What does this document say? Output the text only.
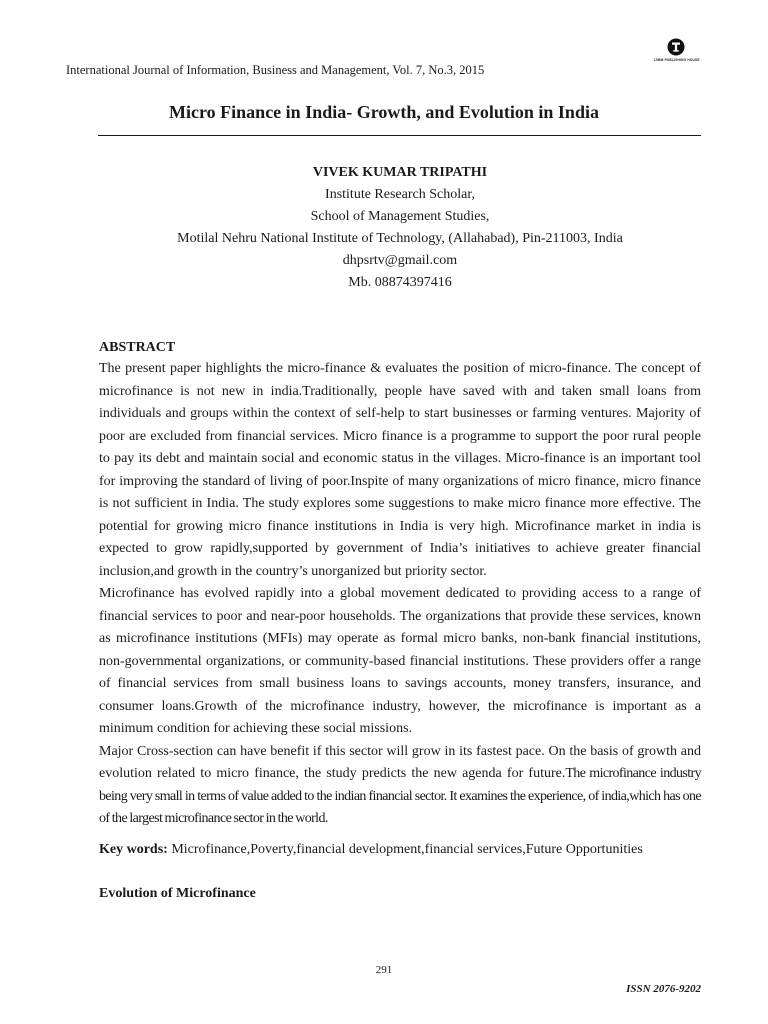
International Journal of Information, Business and Management, Vol. 7, No.3, 2015
IJIBM PUBLISHING HOUSE
Micro Finance in India- Growth, and Evolution in India
VIVEK KUMAR TRIPATHI
Institute Research Scholar,
School of Management Studies,
Motilal Nehru National Institute of Technology, (Allahabad), Pin-211003, India
dhpsrtv@gmail.com
Mb. 08874397416
ABSTRACT

The present paper highlights the micro-finance & evaluates the position of micro-finance. The concept of microfinance is not new in india.Traditionally, people have saved with and taken small loans from individuals and groups within the context of self-help to start businesses or farming ventures. Majority of poor are excluded from financial services. Micro finance is a programme to support the poor rural people to pay its debt and maintain social and economic status in the villages. Micro-finance is an important tool for improving the standard of living of poor.Inspite of many organizations of micro finance, micro finance is not sufficient in India. The study explores some suggestions to make micro finance more effective. The potential for growing micro finance institutions in India is very high. Microfinance market in india is expected to grow rapidly,supported by government of India’s initiatives to achieve greater financial inclusion,and growth in the country’s unorganized but priority sector.

Microfinance has evolved rapidly into a global movement dedicated to providing access to a range of financial services to poor and near-poor households. The organizations that provide these services, known as microfinance institutions (MFIs) may operate as formal micro banks, non-bank financial institutions, non-governmental organizations, or community-based financial institutions. These providers offer a range of financial services from small business loans to savings accounts, money transfers, insurance, and consumer loans.Growth of the microfinance industry, however, the microfinance is important as a minimum condition for achieving these social missions.

Major Cross-section can have benefit if this sector will grow in its fastest pace. On the basis of growth and evolution related to micro finance, the study predicts the new agenda for future.The microfinance industry being very small in terms of value added to the indian financial sector. It examines the experience, of india,which has one of the largest microfinance sector in the world.

Key words: Microfinance,Poverty,financial development,financial services,Future Opportunities
Evolution of Microfinance
291
ISSN 2076-9202
